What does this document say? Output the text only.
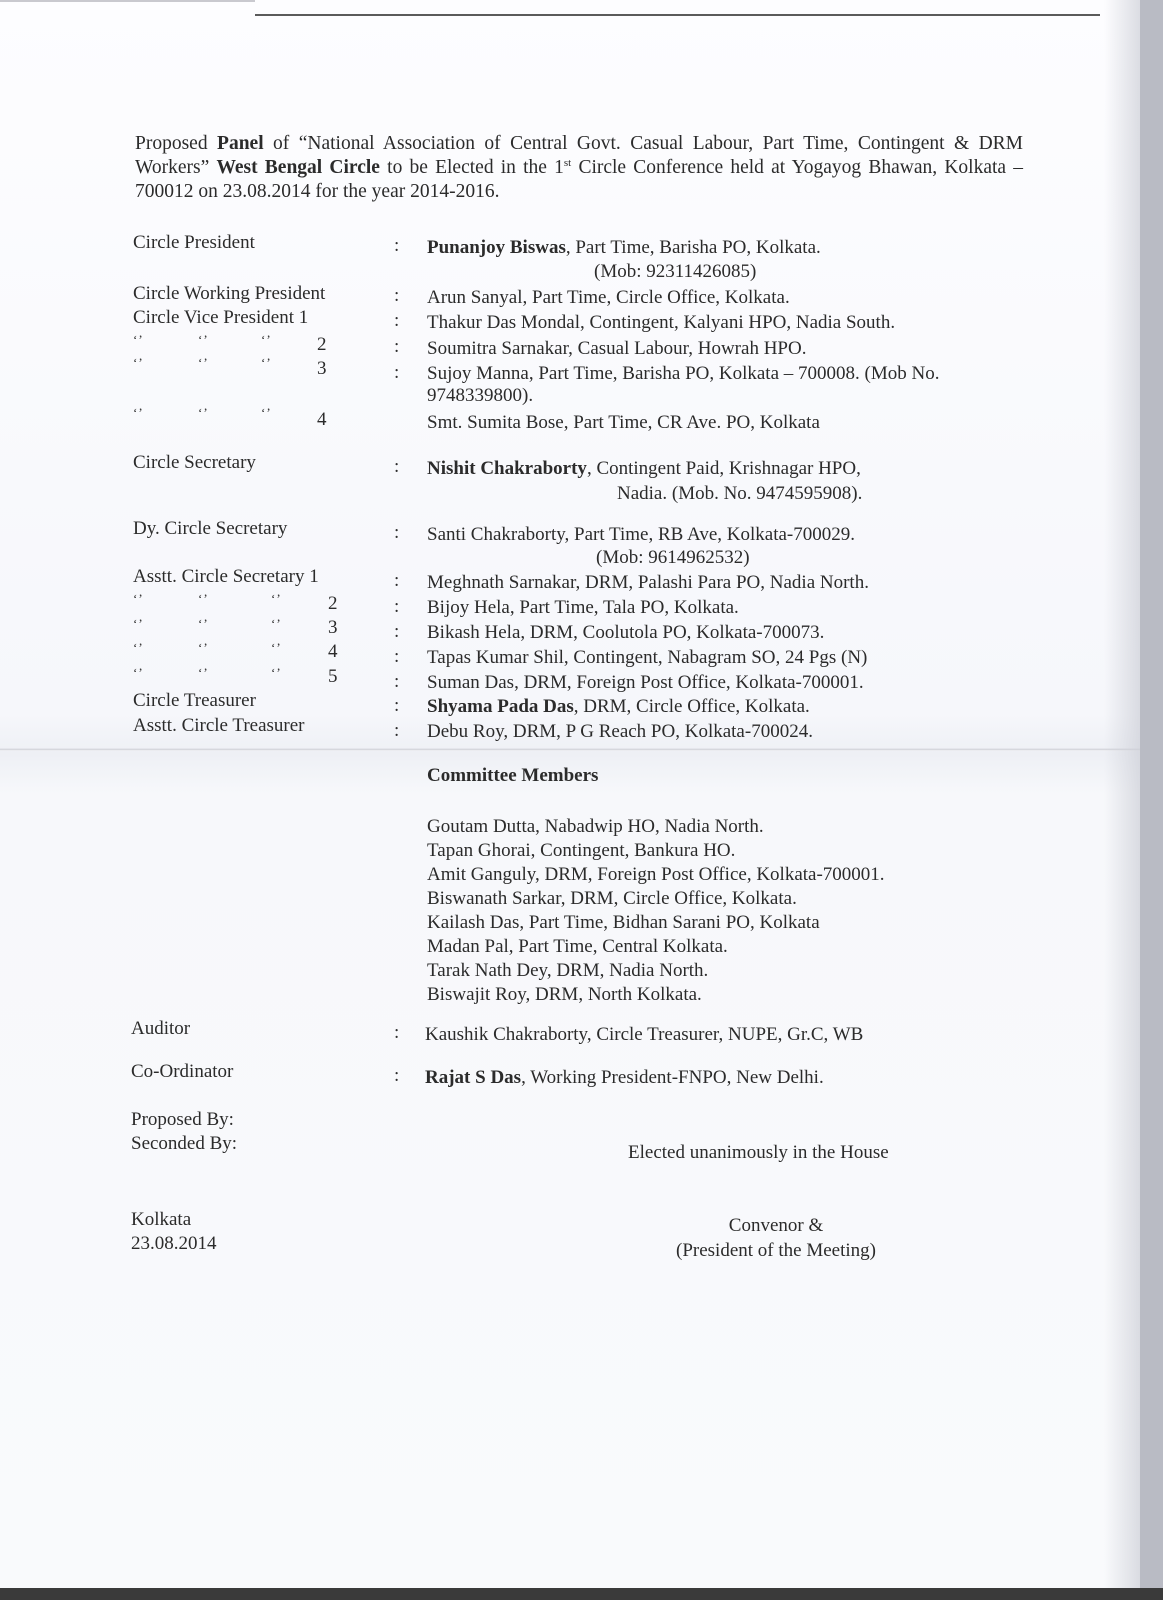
Proposed Panel of “National Association of Central Govt. Casual Labour, Part Time, Contingent & DRM Workers” West Bengal Circle to be Elected in the 1st Circle Conference held at Yogayog Bhawan, Kolkata – 700012 on 23.08.2014 for the year 2014-2016.
Circle President	: Punanjoy Biswas, Part Time, Barisha PO, Kolkata.
(Mob: 92311426085)
Circle Working President	: Arun Sanyal, Part Time, Circle Office, Kolkata.
Circle Vice President 1	: Thakur Das Mondal, Contingent, Kalyani HPO, Nadia South.
‘’	‘’	‘’ 2	: Soumitra Sarnakar, Casual Labour, Howrah HPO.
‘’	‘’	‘’ 3	: Sujoy Manna, Part Time, Barisha PO, Kolkata – 700008. (Mob No.
9748339800).
‘’	‘’	‘’ 4	Smt. Sumita Bose, Part Time, CR Ave. PO, Kolkata
Circle Secretary	: Nishit Chakraborty, Contingent Paid, Krishnagar HPO,
Nadia. (Mob. No. 9474595908).
Dy. Circle Secretary	: Santi Chakraborty, Part Time, RB Ave, Kolkata-700029.
(Mob: 9614962532)
Asstt. Circle Secretary 1	: Meghnath Sarnakar, DRM, Palashi Para PO, Nadia North.
‘’	‘’	‘’ 2	: Bijoy Hela, Part Time, Tala PO, Kolkata.
‘’	‘’	‘’ 3	: Bikash Hela, DRM, Coolutola PO, Kolkata-700073.
‘’	‘’	‘’ 4	: Tapas Kumar Shil, Contingent, Nabagram SO, 24 Pgs (N)
‘’	‘’	‘’ 5	: Suman Das, DRM, Foreign Post Office, Kolkata-700001.
Circle Treasurer	: Shyama Pada Das, DRM, Circle Office, Kolkata.
Asstt. Circle Treasurer	: Debu Roy, DRM, P G Reach PO, Kolkata-700024.
Committee Members
Goutam Dutta, Nabadwip HO, Nadia North.
Tapan Ghorai, Contingent, Bankura HO.
Amit Ganguly, DRM, Foreign Post Office, Kolkata-700001.
Biswanath Sarkar, DRM, Circle Office, Kolkata.
Kailash Das, Part Time, Bidhan Sarani PO, Kolkata
Madan Pal, Part Time, Central Kolkata.
Tarak Nath Dey, DRM, Nadia North.
Biswajit Roy, DRM, North Kolkata.
Auditor	: Kaushik Chakraborty, Circle Treasurer, NUPE, Gr.C, WB
Co-Ordinator	: Rajat S Das, Working President-FNPO, New Delhi.
Proposed By:
Seconded By:	Elected unanimously in the House
Kolkata
23.08.2014
Convenor &
(President of the Meeting)
